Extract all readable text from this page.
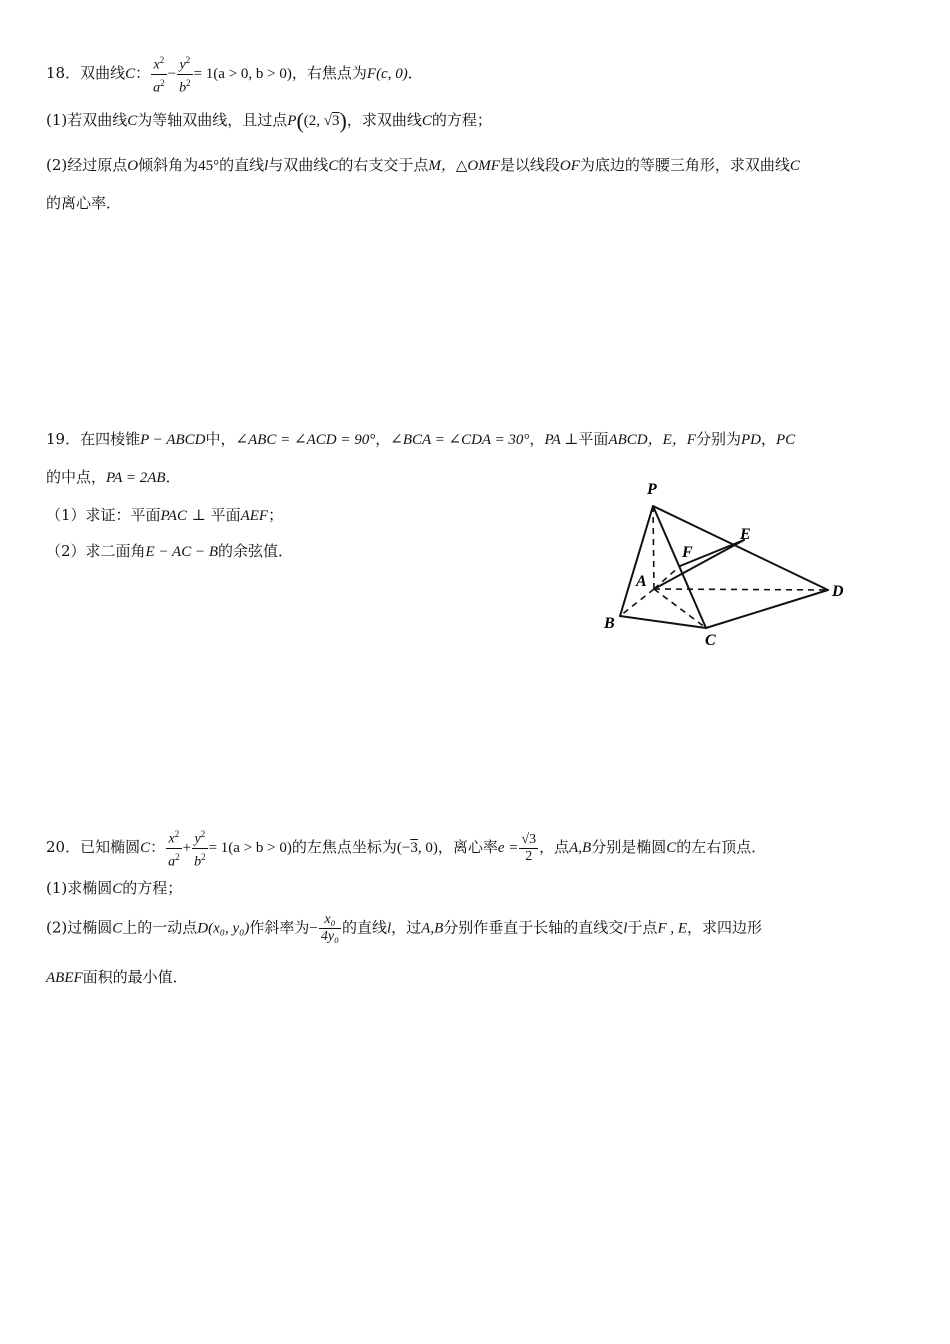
18．双曲线C： $\frac{x^2}{a^2} - \frac{y^2}{b^2} = 1(a > 0$, b > 0)，右焦点为F(c, 0)．
(1)若双曲线C为等轴双曲线，且过点P((2, √3)，求双曲线C的方程；
(2)经过原点O倾斜角为45°的直线l与双曲线C的右支交于点M，△OMF是以线段OF为底边的等腰三角形，求双曲线C
的离心率．
19．在四棱锥P − ABCD中，∠ABC = ∠ACD = 90°，∠BCA = ∠CDA = 30°，PA ⊥平面ABCD，E，F分别为PD，PC
的中点，PA = 2AB．
（1）求证：平面PAC ⊥ 平面AEF；
（2）求二面角E − AC − B的余弦值．
P
E
F
A
D
B
C
20．已知椭圆C： $\frac{x^2}{a^2} + \frac{y^2}{b^2} = 1(a > b > 0)$的左焦点坐标为(−3, 0)，离心率$e = \frac{√3}{2}$ ，点A,B分别是椭圆C的左右顶点．
(1)求椭圆C的方程；
(2)过椭圆C上的一动点D(x₀, y₀)作斜率为− $\frac{\text{x₀}}{\text{4y₀}}$ 的直线l，过A,B分别作垂直于长轴的直线交l于点F , E，求四边形
ABEF面积的最小值．
